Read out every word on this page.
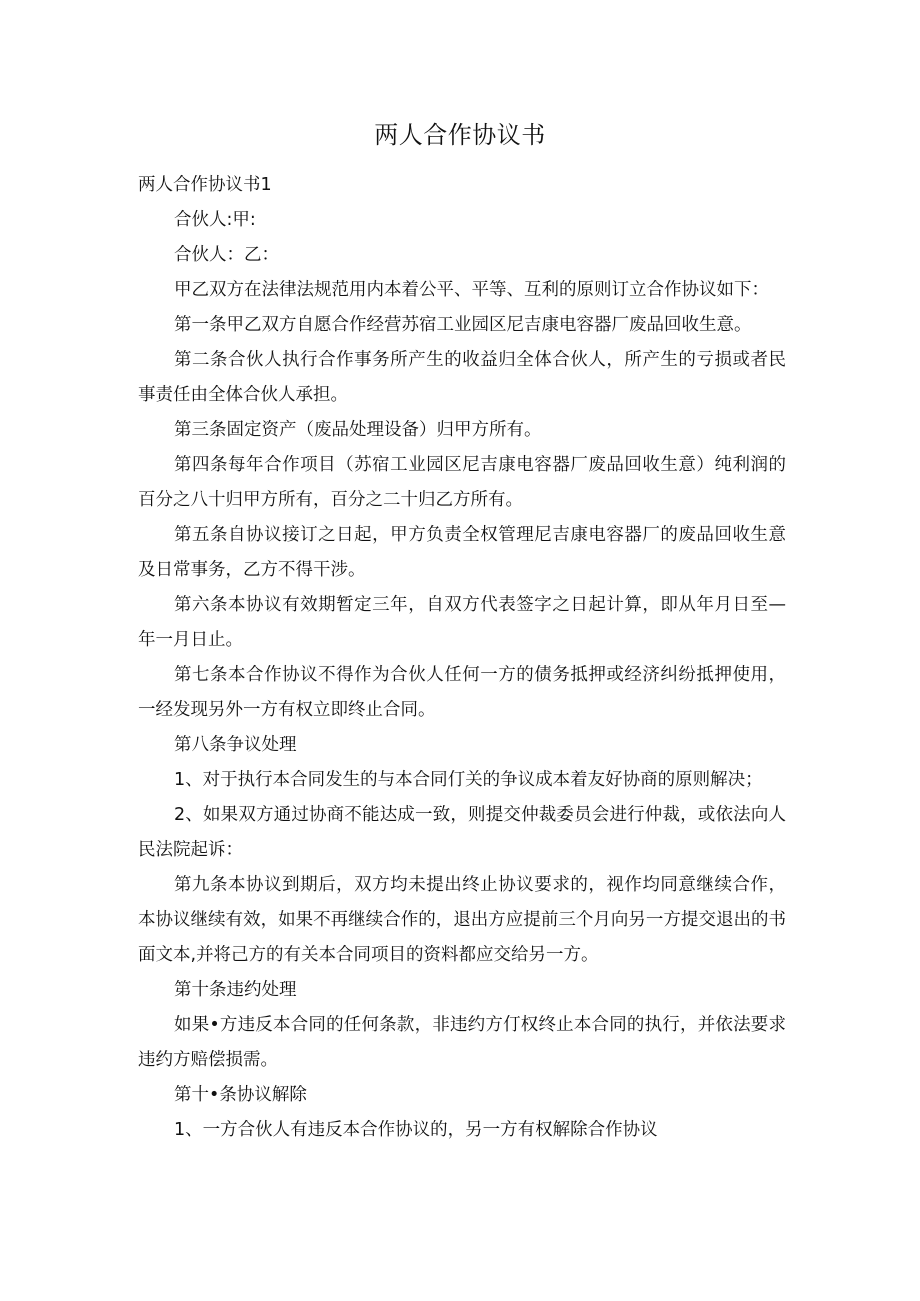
两人合作协议书

两人合作协议书1

合伙人:甲:

合伙人：乙：

甲乙双方在法律法规范用内本着公平、平等、互利的原则订立合作协议如下：

第一条甲乙双方自愿合作经营苏宿工业园区尼吉康电容器厂废品回收生意。

第二条合伙人执行合作事务所产生的收益归全体合伙人，所产生的亏损或者民事责任由全体合伙人承担。

第三条固定资产（废品处理设备）归甲方所有。

第四条每年合作项目（苏宿工业园区尼吉康电容器厂废品回收生意）纯利润的百分之八十归甲方所有，百分之二十归乙方所有。

第五条自协议接订之日起，甲方负责全权管理尼吉康电容器厂的废品回收生意及日常事务，乙方不得干涉。

第六条本协议有效期暂定三年，自双方代表签字之日起计算，即从年月日至—年一月日止。

第七条本合作协议不得作为合伙人任何一方的债务抵押或经济纠纷抵押使用，一经发现另外一方有权立即终止合同。

第八条争议处理

1、对于执行本合同发生的与本合同仃关的争议成本着友好协商的原则解决；

2、如果双方通过协商不能达成一致，则提交仲裁委员会进行仲裁，或依法向人民法院起诉：

第九条本协议到期后，双方均未提出终止协议要求的，视作均同意继续合作，本协议继续有效，如果不再继续合作的，退出方应提前三个月向另一方提交退出的书面文本,并将己方的有关本合同项目的资料都应交给另一方。

第十条违约处理

如果•方违反本合同的任何条款，非违约方仃权终止本合同的执行，并依法要求违约方赔偿损需。

第十•条协议解除

1、一方合伙人有违反本合作协议的，另一方有权解除合作协议
